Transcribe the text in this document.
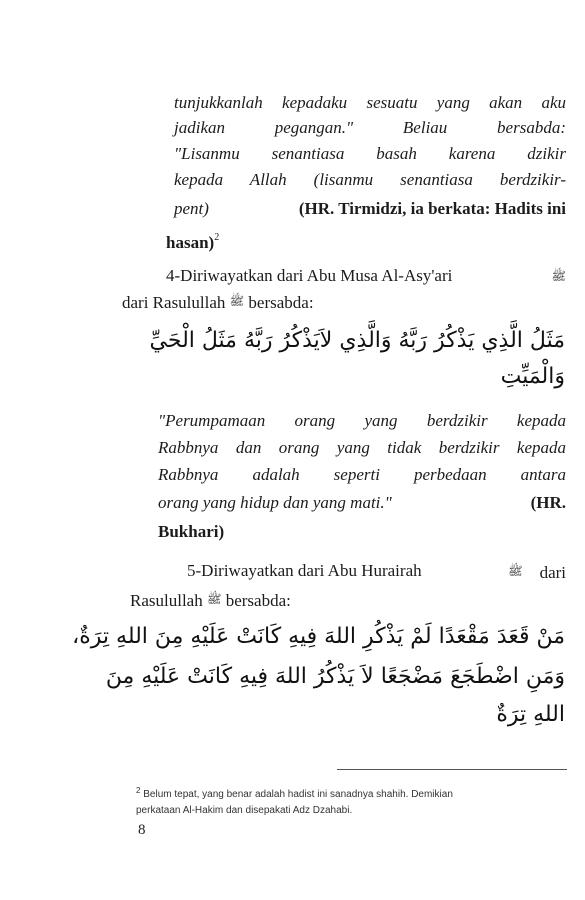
tunjukkanlah kepadaku sesuatu yang akan aku
jadikan pegangan." Beliau bersabda:
"Lisanmu senantiasa basah karena dzikir
kepada Allah (lisanmu senantiasa berdzikir-
pent)	(HR. Tirmidzi, ia berkata: Hadits ini
hasan)$^2$
4-Diriwayatkan dari Abu Musa Al-Asy'ari	ﷺ
dari Rasulullah ﷺ bersabda:
مَثَلُ الَّذِي يَذْكُرُ رَبَّهُ وَالَّذِي لاَيَذْكُرُ رَبَّهُ مَثَلُ الْحَيِّ
وَالْمَيِّتِ
"Perumpamaan orang yang berdzikir kepada
Rabbnya dan orang yang tidak berdzikir kepada
Rabbnya adalah seperti perbedaan antara
orang yang hidup dan yang mati."	(HR.
Bukhari)
5-Diriwayatkan dari Abu Hurairah	ﷺ dari
Rasulullah ﷺ bersabda:
مَنْ قَعَدَ مَقْعَدًا لَمْ يَذْكُرِ اللهَ فِيهِ كَانَتْ عَلَيْهِ مِنَ اللهِ تِرَةٌ،
وَمَنِ اضْطَجَعَ مَضْجَعًا لاَ يَذْكُرُ اللهَ فِيهِ كَانَتْ عَلَيْهِ مِنَ
اللهِ تِرَةٌ
$^2$ Belum tepat, yang benar adalah hadist ini sanadnya shahih. Demikian
perkataan Al-Hakim dan disepakati Adz Dzahabi.
8
